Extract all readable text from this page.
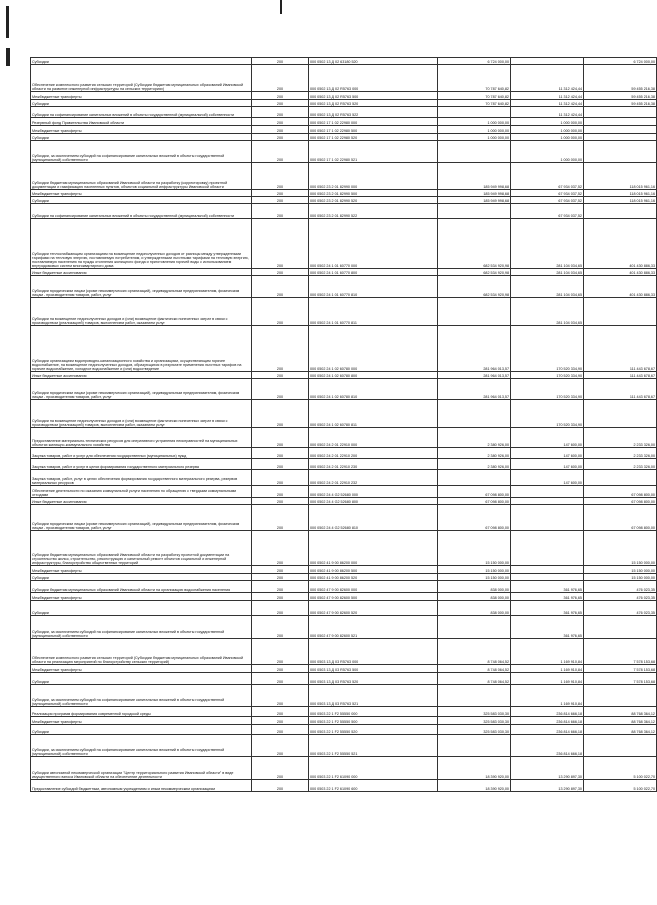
Субсидии	200	000 0502 13 Д 02 63180 520	6 724 000,00		6 724 000,00
Обеспечение комплексного развития сельских территорий (Субсидии бюджетам муниципальных образований Ивановской области на развитие инженерной инфраструктуры на сельских территориях)	200	000 0502 13 Д 02 R5763 000	70 787 640,82	11 312 424,44	59 455 216,38
Межбюджетные трансферты	200	000 0502 13 Д 02 R5763 500	70 787 640,82	11 312 424,44	59 455 216,38
Субсидии	200	000 0502 13 Д 02 R5763 520	70 787 640,82	11 312 424,44	59 455 216,38
Субсидии на софинансирование капитальных вложений в объекты государственной (муниципальной) собственности	200	000 0502 13 Д 02 R5763 522		11 312 424,44	
Резервный фонд Правительства Ивановской области	200	000 0502 17 1 02 22980 000	1 000 000,00	1 000 000,00	
Межбюджетные трансферты	200	000 0502 17 1 02 22980 500	1 000 000,00	1 000 000,00	
Субсидии	200	000 0502 17 1 02 22980 520	1 000 000,00	1 000 000,00	
Субсидии, за исключением субсидий на софинансирование капитальных вложений в объекты государственной (муниципальной) собственности	200	000 0502 17 1 02 22980 521		1 000 000,00	
Субсидии бюджетам муниципальных образований Ивановской области на разработку (корректировку) проектной документации и газификацию населенных пунктов, объектов социальной инфраструктуры Ивановской области	200	000 0502 23 2 01 82990 000	185 949 998,68	67 934 037,52	118 015 961,16
Межбюджетные трансферты	200	000 0502 23 2 01 82990 500	185 949 998,68	67 934 037,52	118 015 961,16
Субсидии	200	000 0502 23 2 01 82990 520	185 949 998,68	67 934 037,52	118 015 961,16
Субсидии на софинансирование капитальных вложений в объекты государственной (муниципальной) собственности	200	000 0502 23 2 01 82990 522		67 934 037,52	
Субсидии теплоснабжающим организациям на возмещение недополученных доходов от разницы между утвержденными тарифами на тепловую энергию, поставляемую потребителям, и утвержденными льготными тарифами на тепловую энергию, поставляемую населению на нужды отопления жилищного фонда и приготовления горячей воды с использованием внутридомовых систем многоквартирного дома	200	000 0502 24 1 01 60770 000	682 534 920,98	281 104 034,65	401 430 886,33
Иные бюджетные ассигнования	200	000 0502 24 1 01 60770 800	682 534 920,98	281 104 034,65	401 430 886,33
Субсидии юридическим лицам (кроме некоммерческих организаций), индивидуальным предпринимателям, физическим лицам - производителям товаров, работ, услуг	200	000 0502 24 1 01 60770 810	682 534 920,98	281 104 034,65	401 430 886,33
Субсидии на возмещение недополученных доходов и (или) возмещение фактически понесенных затрат в связи с производством (реализацией) товаров, выполнением работ, оказанием услуг	200	000 0502 24 1 01 60770 811		281 104 034,65	
Субсидии организациям водопроводно-канализационного хозяйства и организациям, осуществляющим горячее водоснабжение, на возмещение недополученных доходов, образующихся в результате применения льготных тарифов на горячее водоснабжение, холодное водоснабжение и (или) водоотведение	200	000 0502 24 1 02 60780 000	281 964 013,57	170 520 334,90	111 443 678,67
Иные бюджетные ассигнования	200	000 0502 24 1 02 60780 800	281 964 013,57	170 520 334,90	111 443 678,67
Субсидии юридическим лицам (кроме некоммерческих организаций), индивидуальным предпринимателям, физическим лицам - производителям товаров, работ, услуг	200	000 0502 24 1 02 60780 810	281 964 013,57	170 520 334,90	111 443 678,67
Субсидии на возмещение недополученных доходов и (или) возмещение фактически понесенных затрат в связи с производством (реализацией) товаров, выполнением работ, оказанием услуг	200	000 0502 24 1 02 60780 811		170 520 334,90	
Предоставление материально-технических ресурсов для оперативного устранения неисправностей на муниципальных объектах жилищно-коммунального хозяйства	200	000 0502 24 2 01 22910 000	2 380 926,00	147 600,00	2 233 326,00
Закупка товаров, работ и услуг для обеспечения государственных (муниципальных) нужд	200	000 0502 24 2 01 22910 200	2 380 926,00	147 600,00	2 233 326,00
Закупка товаров, работ и услуг в целях формирования государственного материального резерва	200	000 0502 24 2 01 22910 230	2 380 926,00	147 600,00	2 233 326,00
Закупка товаров, работ, услуг в целях обеспечения формирования государственного материального резерва, резервов материальных ресурсов	200	000 0502 24 2 01 22910 232		147 600,00	
Обеспечение деятельности по оказанию коммунальной услуги населению по обращению с твердыми коммунальными отходами	200	000 0502 24 4 G2 52680 000	67 098 800,00		67 098 800,00
Иные бюджетные ассигнования	200	000 0502 24 4 G2 52680 800	67 098 800,00		67 098 800,00
Субсидии юридическим лицам (кроме некоммерческих организаций), индивидуальным предпринимателям, физическим лицам - производителям товаров, работ, услуг	200	000 0502 24 4 G2 52680 810	67 098 800,00		67 098 800,00
Субсидии бюджетам муниципальных образований Ивановской области на разработку проектной документации на строительство жилья, строительство, реконструкцию и капитальный ремонт объектов социальной и инженерной инфраструктуры, благоустройство общественных территорий	200	000 0502 41 9 00 86200 000	15 150 000,00		15 150 000,00
Межбюджетные трансферты	200	000 0502 41 9 00 86200 500	15 150 000,00		15 150 000,00
Субсидии	200	000 0502 41 9 00 86200 520	15 150 000,00		15 150 000,00
Субсидии бюджетам муниципальных образований Ивановской области на организацию водоснабжения населения	200	000 0502 47 9 00 82600 000	838 000,00	361 976,65	476 023,35
Межбюджетные трансферты	200	000 0502 47 9 00 82600 500	838 000,00	361 976,65	476 023,35
Субсидии	200	000 0502 47 9 00 82600 520	838 000,00	361 976,65	476 023,35
Субсидии, за исключением субсидий на софинансирование капитальных вложений в объекты государственной (муниципальной) собственности	200	000 0502 47 9 00 82600 521		361 976,65	
Обеспечение комплексного развития сельских территорий (Субсидии бюджетам муниципальных образований Ивановской области на реализацию мероприятий по благоустройству сельских территорий)	200	000 0503 13 Д 03 R5763 000	8 748 064,52	1 169 910,84	7 578 153,68
Межбюджетные трансферты	200	000 0503 13 Д 03 R5763 500	8 748 064,52	1 169 910,84	7 578 153,68
Субсидии	200	000 0503 13 Д 03 R5763 520	8 748 064,52	1 169 910,84	7 578 153,68
Субсидии, за исключением субсидий на софинансирование капитальных вложений в объекты государственной (муниципальной) собственности	200	000 0503 13 Д 03 R5763 521		1 169 910,84	
Реализация программ формирования современной городской среды	200	000 0503 22 1 F2 55550 000	325 583 030,30	236 814 666,18	88 768 364,12
Межбюджетные трансферты	200	000 0503 22 1 F2 55550 500	325 583 030,30	236 814 666,18	88 768 364,12
Субсидии	200	000 0503 22 1 F2 55550 520	325 583 030,30	236 814 666,18	88 768 364,12
Субсидии, за исключением субсидий на софинансирование капитальных вложений в объекты государственной (муниципальной) собственности	200	000 0503 22 1 F2 55550 521		236 814 666,18	
Субсидии автономной некоммерческой организации "Центр территориального развития Ивановской области" в виде имущественного взноса Ивановской области на обеспечение деятельности	200	000 0503 22 1 F2 61090 000	18 390 920,00	13 290 897,30	5 100 022,70
Предоставление субсидий бюджетным, автономным учреждениям и иным некоммерческим организациям	200	000 0503 22 1 F2 61090 600	18 390 920,00	13 290 897,30	5 100 022,70
